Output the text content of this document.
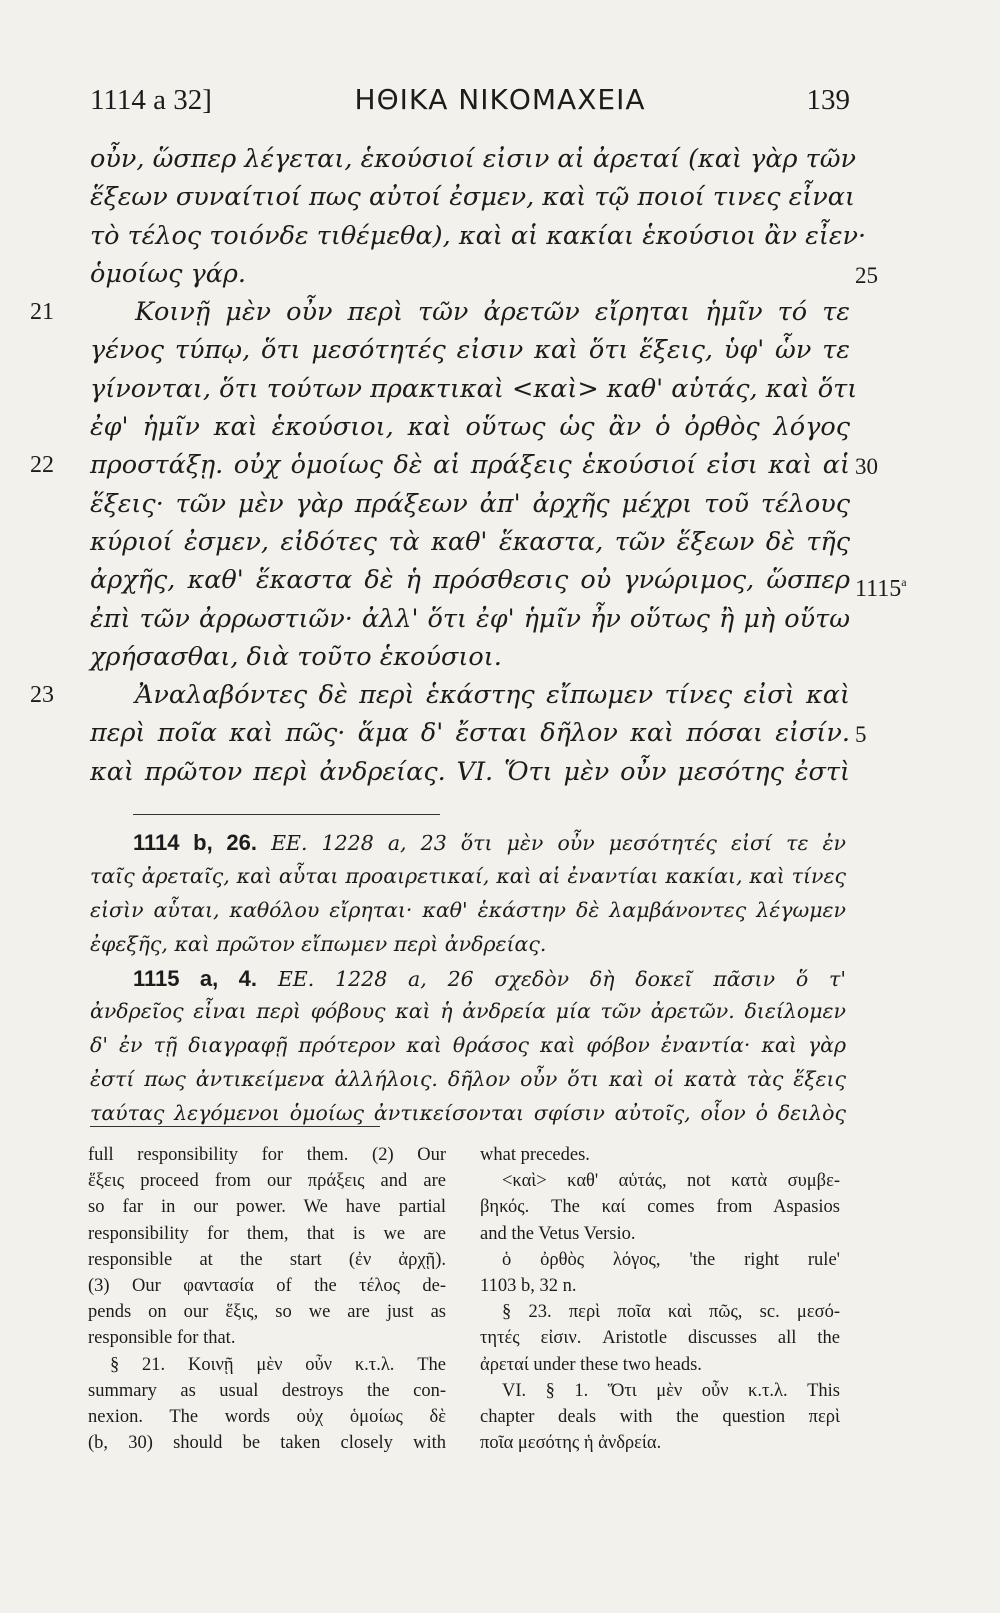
1114 a 32]	ΗΘΙΚΑ ΝΙΚΟΜΑΧΕΙΑ	139
οὖν, ὥσπερ λέγεται, ἑκούσιοί εἰσιν αἱ ἀρεταί (καὶ γὰρ τῶν
ἕξεων συναίτιοί πως αὐτοί ἐσμεν, καὶ τῷ ποιοί τινες εἶναι
τὸ τέλος τοιόνδε τιθέμεθα), καὶ αἱ κακίαι ἑκούσιοι ἂν εἶεν·
ὁμοίως γάρ.	25
Κοινῇ μὲν οὖν περὶ τῶν ἀρετῶν εἴρηται ἡμῖν τό τε
21
γένος τύπῳ, ὅτι μεσότητές εἰσιν καὶ ὅτι ἕξεις, ὑφ' ὧν τε
γίνονται, ὅτι τούτων πρακτικαὶ <καὶ> καθ' αὑτάς, καὶ ὅτι
ἐφ' ἡμῖν καὶ ἑκούσιοι, καὶ οὕτως ὡς ἂν ὁ ὀρθὸς λόγος
προστάξῃ. οὐχ ὁμοίως δὲ αἱ πράξεις ἑκούσιοί εἰσι καὶ αἱ
22	30
ἕξεις· τῶν μὲν γὰρ πράξεων ἀπ' ἀρχῆς μέχρι τοῦ τέλους
κύριοί ἐσμεν, εἰδότες τὰ καθ' ἕκαστα, τῶν ἕξεων δὲ τῆς
ἀρχῆς, καθ' ἕκαστα δὲ ἡ πρόσθεσις οὐ γνώριμος, ὥσπερ 1115$^a$
ἐπὶ τῶν ἀρρωστιῶν· ἀλλ' ὅτι ἐφ' ἡμῖν ἦν οὕτως ἢ μὴ οὕτω
χρήσασθαι, διὰ τοῦτο ἑκούσιοι.
Ἀναλαβόντες δὲ περὶ ἑκάστης εἴπωμεν τίνες εἰσὶ καὶ
23
περὶ ποῖα καὶ πῶς· ἅμα δ' ἔσται δῆλον καὶ πόσαι εἰσίν. 5
καὶ πρῶτον περὶ ἀνδρείας. VI. Ὅτι μὲν οὖν μεσότης ἐστὶ
1114 b, 26. EE. 1228 a, 23 ὅτι μὲν οὖν μεσότητές εἰσί τε ἐν
ταῖς ἀρεταῖς, καὶ αὗται προαιρετικαί, καὶ αἱ ἐναντίαι κακίαι, καὶ τίνες
εἰσὶν αὗται, καθόλου εἴρηται· καθ' ἑκάστην δὲ λαμβάνοντες λέγωμεν
ἐφεξῆς, καὶ πρῶτον εἴπωμεν περὶ ἀνδρείας.
1115 a, 4. EE. 1228 a, 26 σχεδὸν δὴ δοκεῖ πᾶσιν ὅ τ'
ἀνδρεῖος εἶναι περὶ φόβους καὶ ἡ ἀνδρεία μία τῶν ἀρετῶν. διείλομεν
δ' ἐν τῇ διαγραφῇ πρότερον καὶ θράσος καὶ φόβον ἐναντία· καὶ γὰρ
ἐστί πως ἀντικείμενα ἀλλήλοις. δῆλον οὖν ὅτι καὶ οἱ κατὰ τὰς ἕξεις
ταύτας λεγόμενοι ὁμοίως ἀντικείσονται σφίσιν αὐτοῖς, οἷον ὁ δειλὸς
full responsibility for them. (2) Our
ἕξεις proceed from our πράξεις and are
so far in our power. We have partial
responsibility for them, that is we are
responsible at the start (ἐν ἀρχῇ).
(3) Our φαντασία of the τέλος de-
pends on our ἕξις, so we are just as
responsible for that.
§ 21. Κοινῇ μὲν οὖν κ.τ.λ. The
summary as usual destroys the con-
nexion. The words οὐχ ὁμοίως δὲ
(b, 30) should be taken closely with
what precedes.
<καὶ> καθ' αὑτάς, not κατὰ συμβε-
βηκός. The καί comes from Aspasios
and the Vetus Versio.
ὁ ὀρθὸς λόγος, 'the right rule'
1103 b, 32 n.
§ 23. περὶ ποῖα καὶ πῶς, sc. μεσό-
τητές εἰσιν. Aristotle discusses all the
ἀρεταί under these two heads.
VI. § 1. Ὅτι μὲν οὖν κ.τ.λ. This
chapter deals with the question περὶ
ποῖα μεσότης ἡ ἀνδρεία.
